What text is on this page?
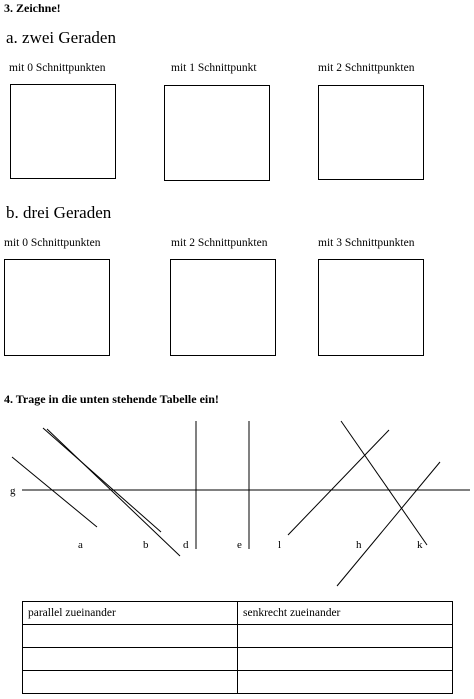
3. Zeichne!
a. zwei Geraden
mit 0 Schnittpunkten	mit 1 Schnittpunkt	mit 2 Schnittpunkten
b. drei Geraden
mit 0 Schnittpunkten	mit 2 Schnittpunkten	mit 3 Schnittpunkten
4. Trage in die unten stehende Tabelle ein!
g
a	b	d	e	l	h	k
parallel zueinander	senkrecht zueinander
